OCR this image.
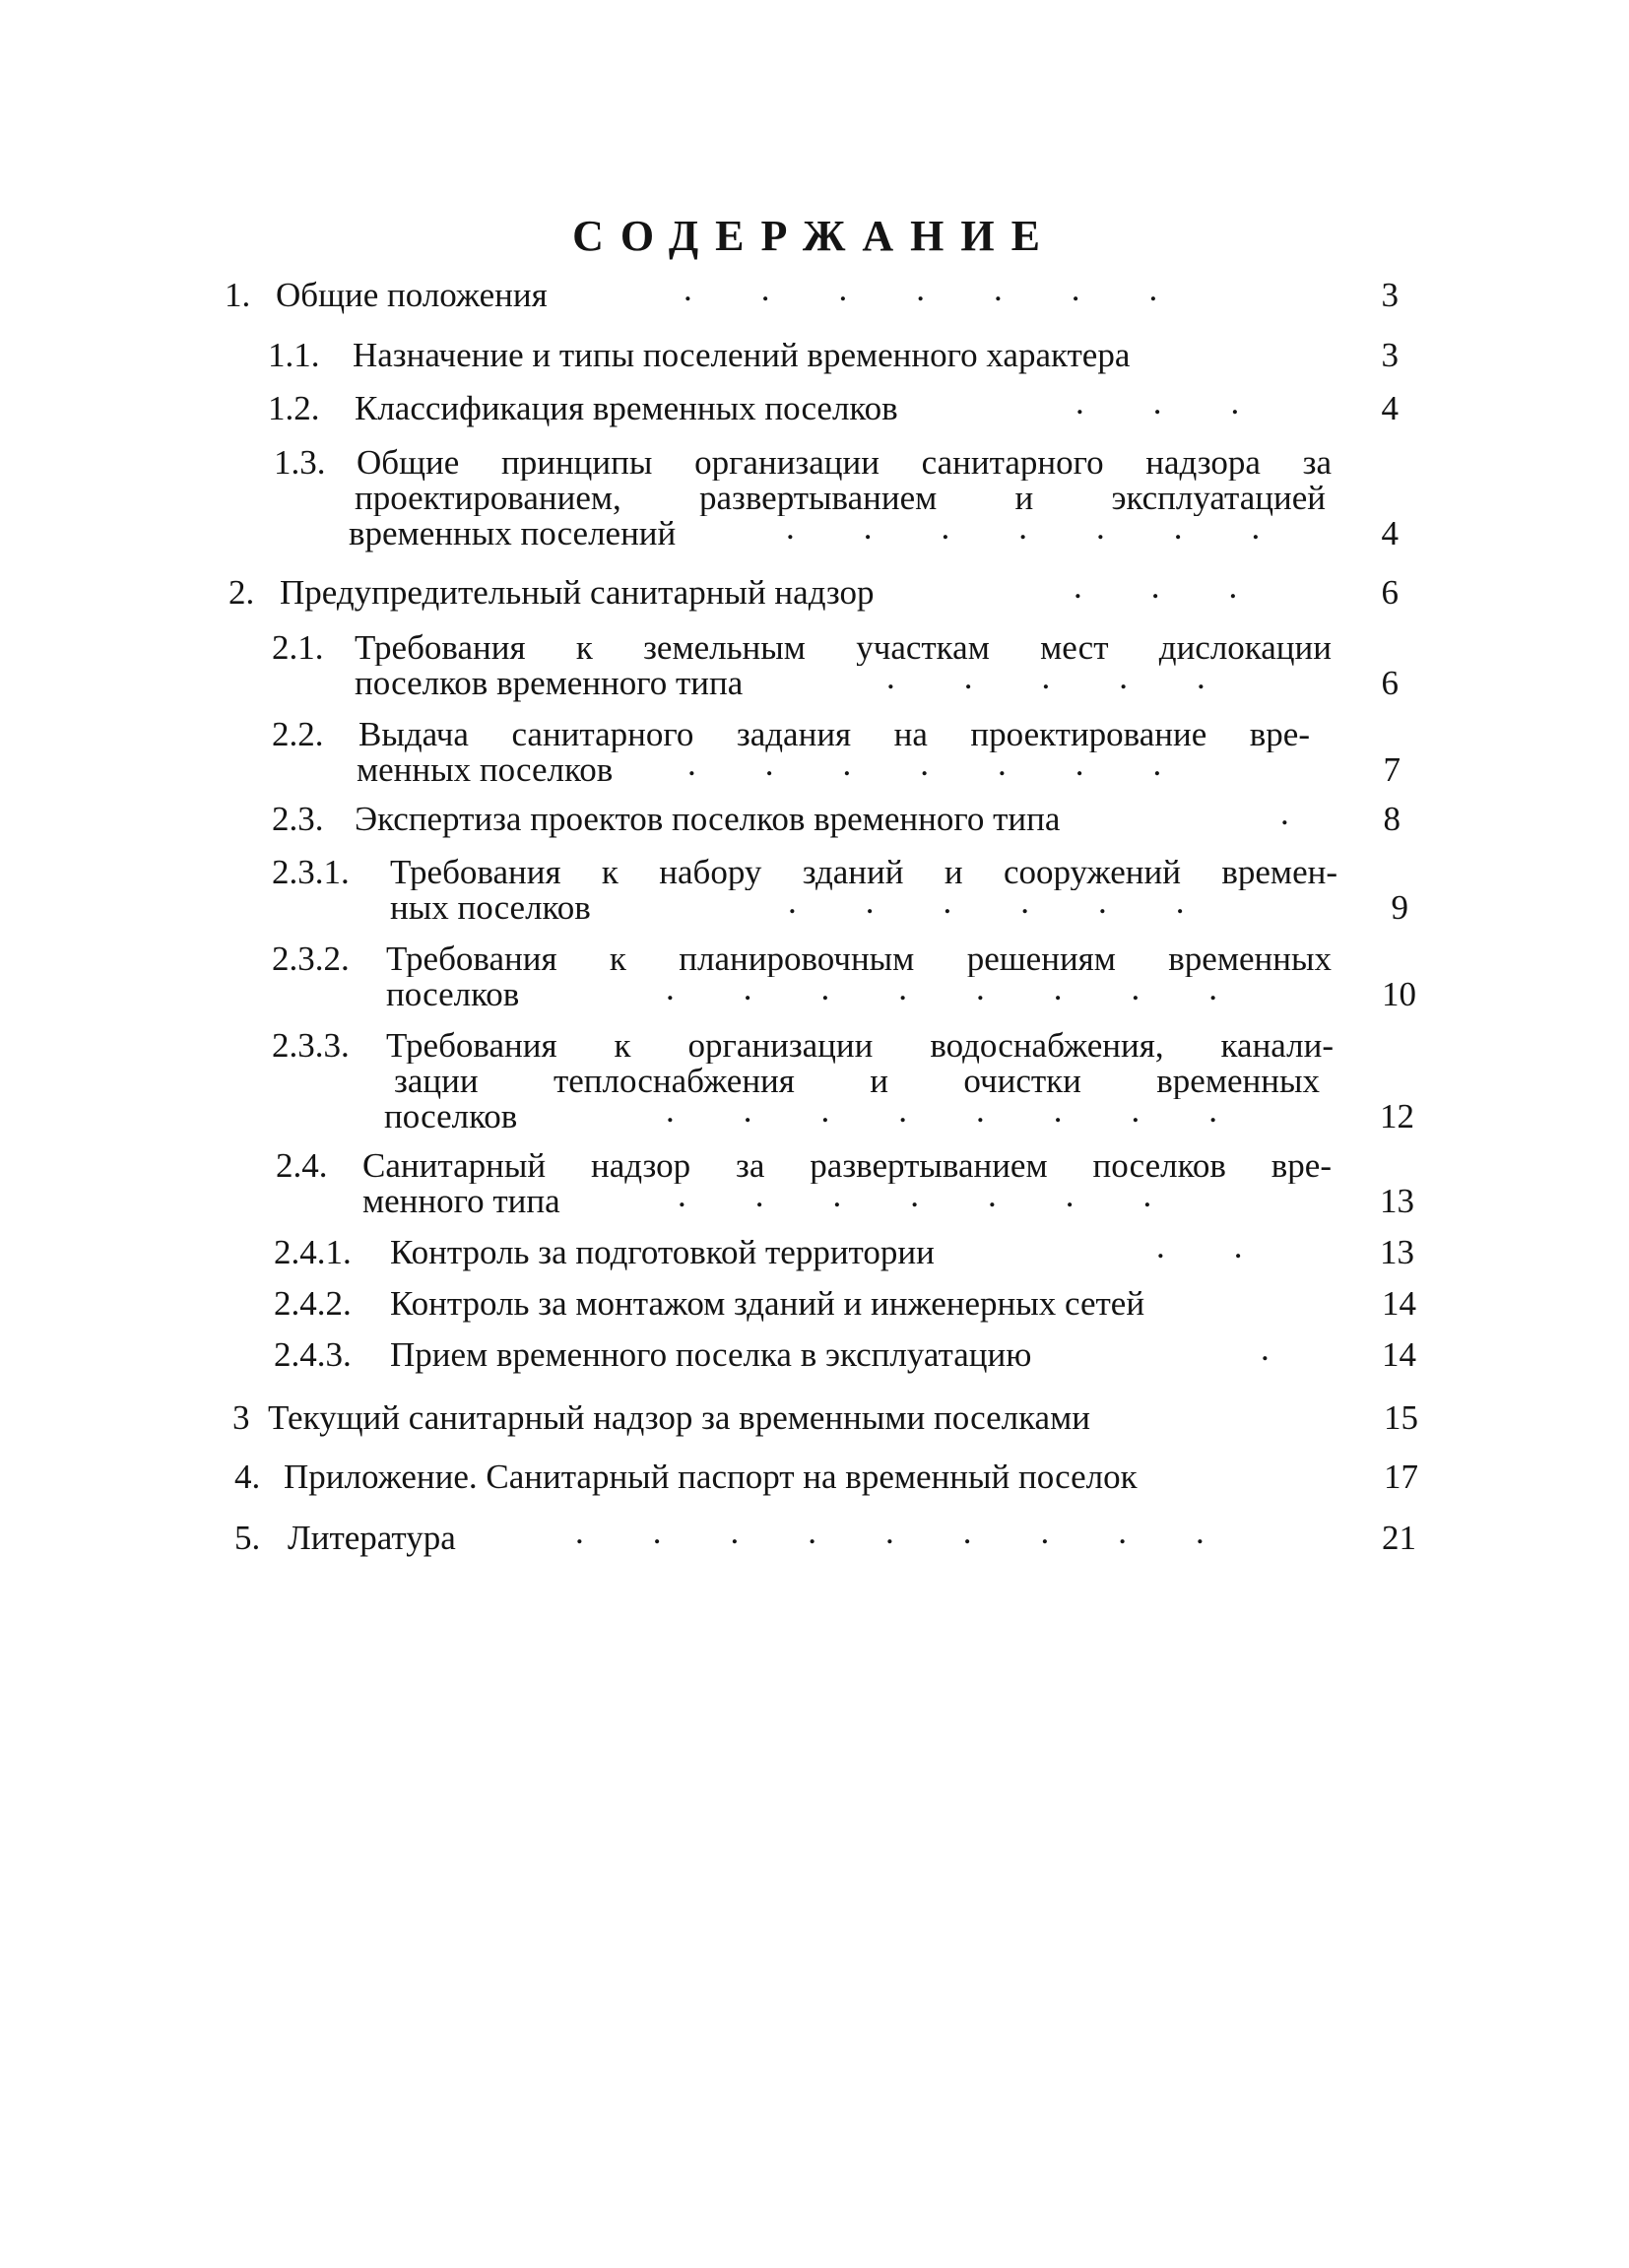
СОДЕРЖАНИЕ
1. Общие положения	.        .        .        .        .        .        .	3
1.1. Назначение и типы поселений временного характера	3
1.2. Классификация временных поселков	.        .        .	4
1.3. Общие принципы организации санитарного надзора за
проектированием, развертыванием и эксплуатацией
временных поселений	.        .        .        .        .        .        .	4
2. Предупредительный санитарный надзор	.        .        .	6
2.1. Требования к земельным участкам мест дислокации
поселков временного типа	.        .        .        .        .	6
2.2. Выдача санитарного задания на проектирование вре-
менных поселков .        .        .        .        .        .        .	7
2.3. Экспертиза проектов поселков временного типа	.	8
2.3.1. Требования к набору зданий и сооружений времен-
ных поселков	.        .        .        .        .        .	9
2.3.2. Требования к планировочным решениям временных
поселков	.        .        .        .        .        .        .        .	10
2.3.3. Требования к организации водоснабжения, канали-
зации теплоснабжения и очистки временных
поселков	.        .        .        .        .        .        .        .	12
2.4. Санитарный надзор за развертыванием поселков вре-
менного типа	.        .        .        .        .        .        .	13
2.4.1. Контроль за подготовкой территории	.        .	13
2.4.2. Контроль за монтажом зданий и инженерных сетей	14
2.4.3. Прием временного поселка в эксплуатацию	.	14
3 Текущий санитарный надзор за временными поселками	15
4. Приложение. Санитарный паспорт на временный поселок	17
5. Литература	.        .        .        .        .        .        .        .        .	21
